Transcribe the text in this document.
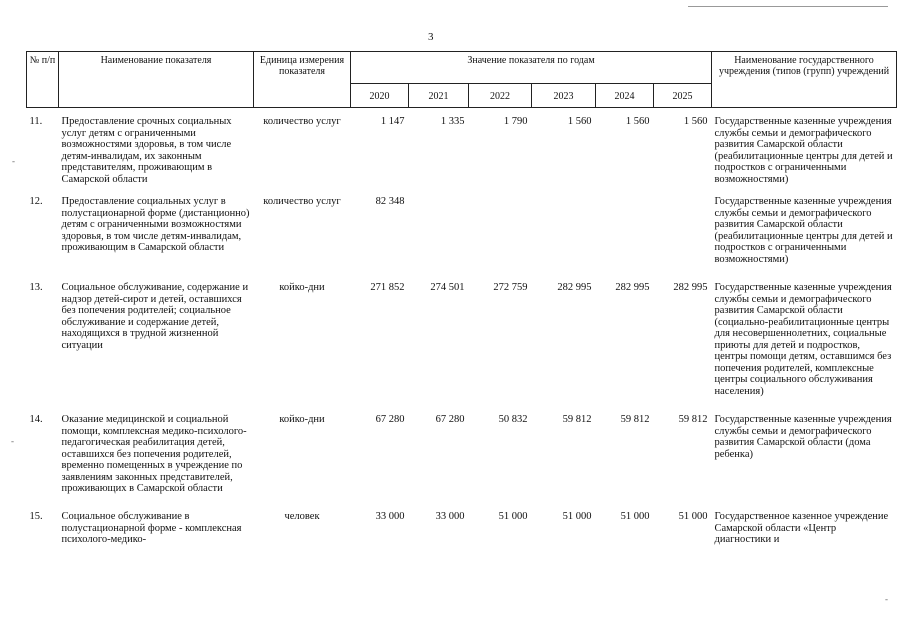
3
№ п/п	Наименование показателя	Единица измерения показателя	Значение показателя по годам						Наименование государственного учреждения (типов (групп) учреждений
			2020	2021	2022	2023	2024	2025	

11.	Предоставление срочных социальных услуг детям с ограниченными возможностями здоровья, в том числе детям-инвалидам, их законным представителям, проживающим в Самарской области	количество услуг	1 147	1 335	1 790	1 560	1 560	1 560	Государственные казенные учреждения службы семьи и демографического развития Самарской области (реабилитационные центры для детей и подростков с ограниченными возможностями)
12.	Предоставление социальных услуг в полустационарной форме (дистанционно) детям с ограниченными возможностями здоровья, в том числе детям-инвалидам, проживающим в Самарской области	количество услуг	82 348						Государственные казенные учреждения службы семьи и демографического развития Самарской области (реабилитационные центры для детей и подростков с ограниченными возможностями)
13.	Социальное обслуживание, содержание и надзор детей-сирот и детей, оставшихся без попечения родителей; социальное обслуживание и содержание детей, находящихся в трудной жизненной ситуации	койко-дни	271 852	274 501	272 759	282 995	282 995	282 995	Государственные казенные учреждения службы семьи и демографического развития Самарской области (социально-реабилитационные центры для несовершеннолетних, социальные приюты для детей и подростков, центры помощи детям, оставшимся без попечения родителей, комплексные центры социального обслуживания населения)
14.	Оказание медицинской и социальной помощи, комплексная медико-психолого-педагогическая реабилитация детей, оставшихся без попечения родителей, временно помещенных в учреждение по заявлениям законных представителей, проживающих в Самарской области	койко-дни	67 280	67 280	50 832	59 812	59 812	59 812	Государственные казенные учреждения службы семьи и демографического развития Самарской области (дома ребенка)
15.	Социальное обслуживание в полустационарной форме - комплексная психолого-медико-	человек	33 000	33 000	51 000	51 000	51 000	51 000	Государственное казенное учреждение Самарской области «Центр диагностики и
-
-
-
